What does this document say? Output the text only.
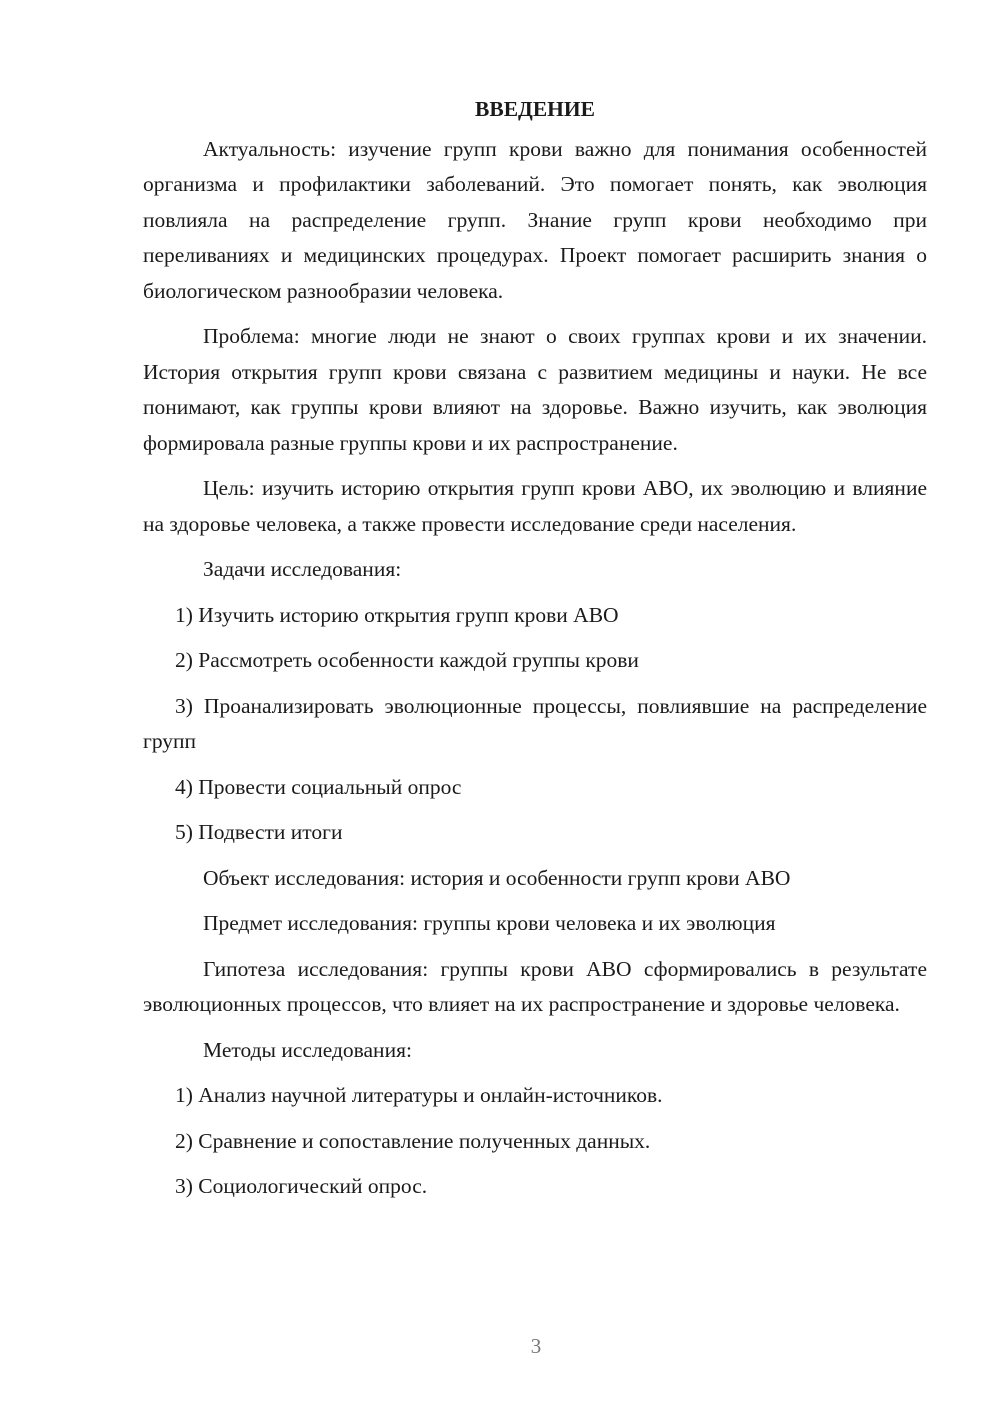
ВВЕДЕНИЕ

Актуальность: изучение групп крови важно для понимания особенностей организма и профилактики заболеваний. Это помогает понять, как эволюция повлияла на распределение групп. Знание групп крови необходимо при переливаниях и медицинских процедурах. Проект помогает расширить знания о биологическом разнообразии человека.

Проблема: многие люди не знают о своих группах крови и их значении. История открытия групп крови связана с развитием медицины и науки. Не все понимают, как группы крови влияют на здоровье. Важно изучить, как эволюция формировала разные группы крови и их распространение.

Цель: изучить историю открытия групп крови АВО, их эволюцию и влияние на здоровье человека, а также провести исследование среди населения.

Задачи исследования:

1) Изучить историю открытия групп крови АВО

2) Рассмотреть особенности каждой группы крови

3) Проанализировать эволюционные процессы, повлиявшие на распределение групп

4) Провести социальный опрос

5) Подвести итоги

Объект исследования: история и особенности групп крови АВО

Предмет исследования: группы крови человека и их эволюция

Гипотеза исследования: группы крови АВО сформировались в результате эволюционных процессов, что влияет на их распространение и здоровье человека.

Методы исследования:

1) Анализ научной литературы и онлайн-источников.

2) Сравнение и сопоставление полученных данных.

3) Социологический опрос.

3
